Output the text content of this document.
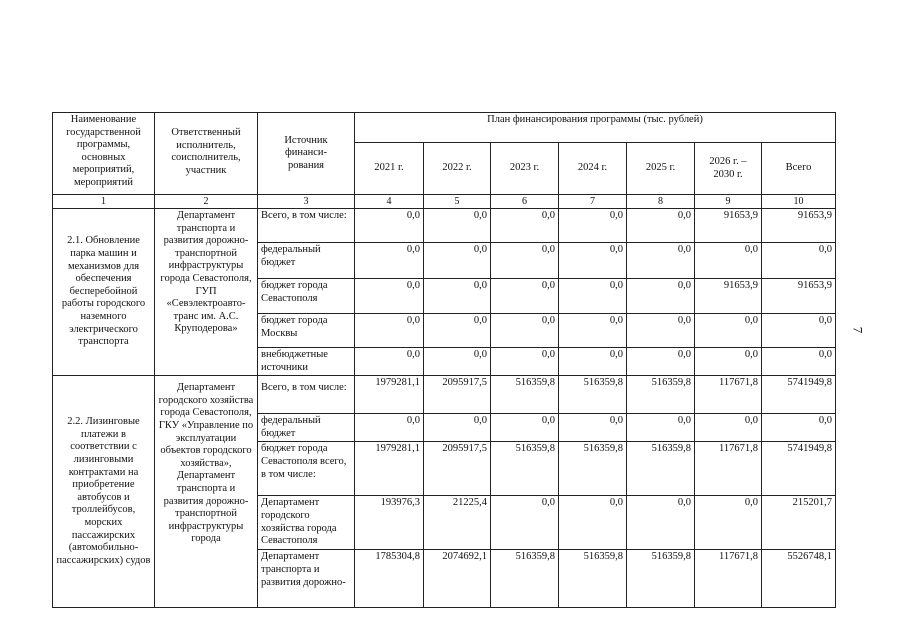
Наименование государственной программы, основных мероприятий, мероприятий	Ответственный исполнитель, соисполнитель, участник	Источник финанси-рования	План финансирования программы (тыс. рублей)						
			2021 г.	2022 г.	2023 г.	2024 г.	2025 г.	2026 г. – 2030 г.	Всего
1	2	3	4	5	6	7	8	9	10
2.1. Обновление парка машин и механизмов для обеспечения бесперебойной работы городского наземного электрического транспорта	Департамент транспорта и развития дорожно-транспортной инфраструктуры города Севастополя, ГУП «Севэлектроавто-транс им. А.С. Круподерова»	Всего, в том числе:	0,0	0,0	0,0	0,0	0,0	91653,9	91653,9
		федеральный бюджет	0,0	0,0	0,0	0,0	0,0	0,0	0,0
		бюджет города Севастополя	0,0	0,0	0,0	0,0	0,0	91653,9	91653,9
		бюджет города Москвы	0,0	0,0	0,0	0,0	0,0	0,0	0,0
		внебюджетные источники	0,0	0,0	0,0	0,0	0,0	0,0	0,0
2.2. Лизинговые платежи в соответствии с лизинговыми контрактами на приобретение автобусов и троллейбусов, морских пассажирских (автомобильно-пассажирских) судов	Департамент городского хозяйства города Севастополя, ГКУ «Управление по эксплуатации объектов городского хозяйства», Департамент транспорта и развития дорожно-транспортной инфраструктуры города	Всего, в том числе:	1979281,1	2095917,5	516359,8	516359,8	516359,8	117671,8	5741949,8
		федеральный бюджет	0,0	0,0	0,0	0,0	0,0	0,0	0,0
		бюджет города Севастополя всего, в том числе:	1979281,1	2095917,5	516359,8	516359,8	516359,8	117671,8	5741949,8
		Департамент городского хозяйства города Севастополя	193976,3	21225,4	0,0	0,0	0,0	0,0	215201,7
		Департамент транспорта и развития дорожно-	1785304,8	2074692,1	516359,8	516359,8	516359,8	117671,8	5526748,1
7
